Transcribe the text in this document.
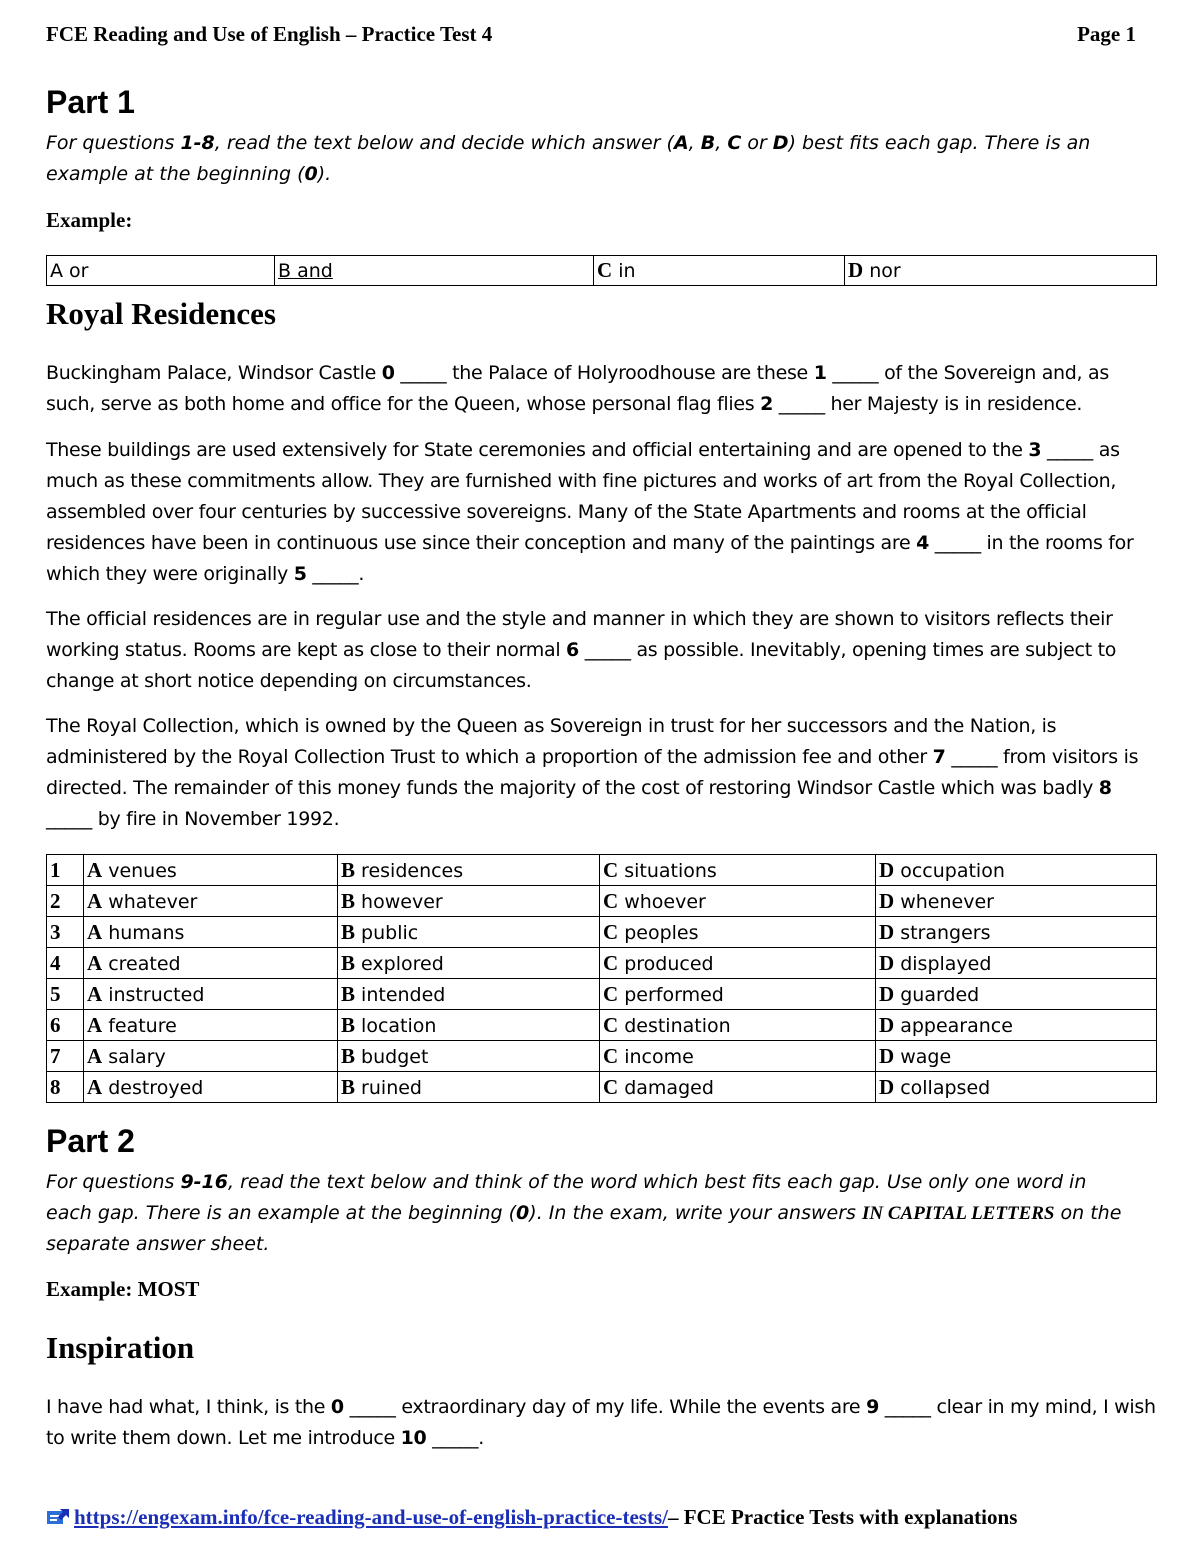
FCE Reading and Use of English – Practice Test 4	Page 1
Part 1
For questions 1-8, read the text below and decide which answer (A, B, C or D) best fits each gap. There is an example at the beginning (0).
Example:
A or	B and	C in	D nor
Royal Residences
Buckingham Palace, Windsor Castle 0 _____ the Palace of Holyroodhouse are these 1 _____ of the Sovereign and, as such, serve as both home and office for the Queen, whose personal flag flies 2 _____ her Majesty is in residence.
These buildings are used extensively for State ceremonies and official entertaining and are opened to the 3 _____ as much as these commitments allow. They are furnished with fine pictures and works of art from the Royal Collection, assembled over four centuries by successive sovereigns. Many of the State Apartments and rooms at the official residences have been in continuous use since their conception and many of the paintings are 4 _____ in the rooms for which they were originally 5 _____.
The official residences are in regular use and the style and manner in which they are shown to visitors reflects their working status. Rooms are kept as close to their normal 6 _____ as possible. Inevitably, opening times are subject to change at short notice depending on circumstances.
The Royal Collection, which is owned by the Queen as Sovereign in trust for her successors and the Nation, is administered by the Royal Collection Trust to which a proportion of the admission fee and other 7 _____ from visitors is directed. The remainder of this money funds the majority of the cost of restoring Windsor Castle which was badly 8 _____ by fire in November 1992.
1	A venues	B residences	C situations	D occupation
2	A whatever	B however	C whoever	D whenever
3	A humans	B public	C peoples	D strangers
4	A created	B explored	C produced	D displayed
5	A instructed	B intended	C performed	D guarded
6	A feature	B location	C destination	D appearance
7	A salary	B budget	C income	D wage
8	A destroyed	B ruined	C damaged	D collapsed
Part 2
For questions 9-16, read the text below and think of the word which best fits each gap. Use only one word in each gap. There is an example at the beginning (0). In the exam, write your answers IN CAPITAL LETTERS on the separate answer sheet.
Example: MOST
Inspiration
I have had what, I think, is the 0 _____ extraordinary day of my life. While the events are 9 _____ clear in my mind, I wish to write them down. Let me introduce 10 _____.
https://engexam.info/fce-reading-and-use-of-english-practice-tests/– FCE Practice Tests with explanations
